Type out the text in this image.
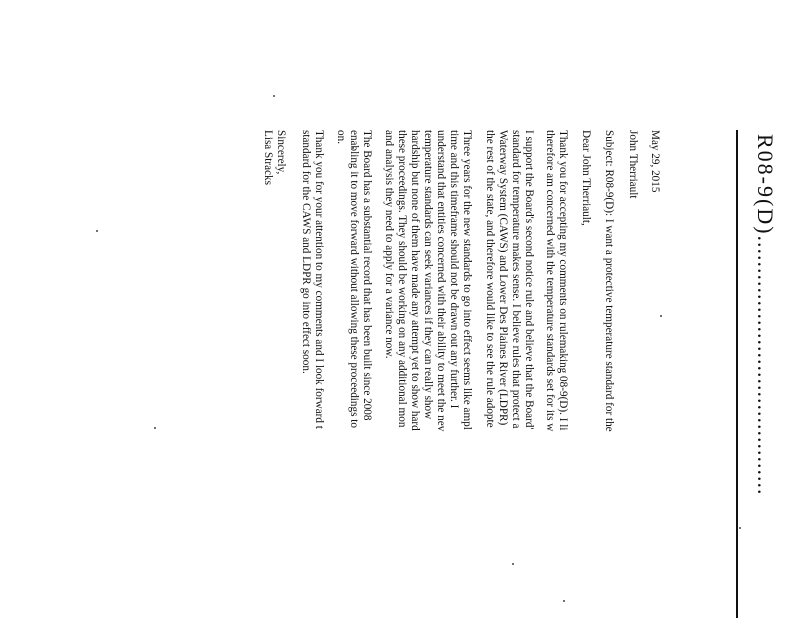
R08-9(D)........................................
May 29, 2015
John Therriault
Subject: R08-9(D): I want a protective temperature standard for the
Dear John Therriault,
Thank you for accepting my comments on rulemaking 08-9(D). I li
therefore am concerned with the temperature standards set for its w
I support the Board's second notice rule and believe that the Board'
standard for temperature makes sense. I believe rules that protect a
Waterway System (CAWS) and Lower Des Plaines River (LDPR)
the rest of the state, and therefore would like to see the rule adopte
Three years for the new standards to go into effect seems like ampl
time and this timeframe should not be drawn out any further. I
understand that entities concerned with their ability to meet the nev
temperature standards can seek variances if they can really show
hardship but none of them have made any attempt yet to show hard
these proceedings. They should be working on any additional mon
and analysis they need to apply for a variance now.
The Board has a substantial record that has been built since 2008
enabling it to move forward without allowing these proceedings to
on.
Thank you for your attention to my comments and I look forward t
standard for the CAWS and LDPR go into effect soon.
Sincerely,
Lisa Stracks
